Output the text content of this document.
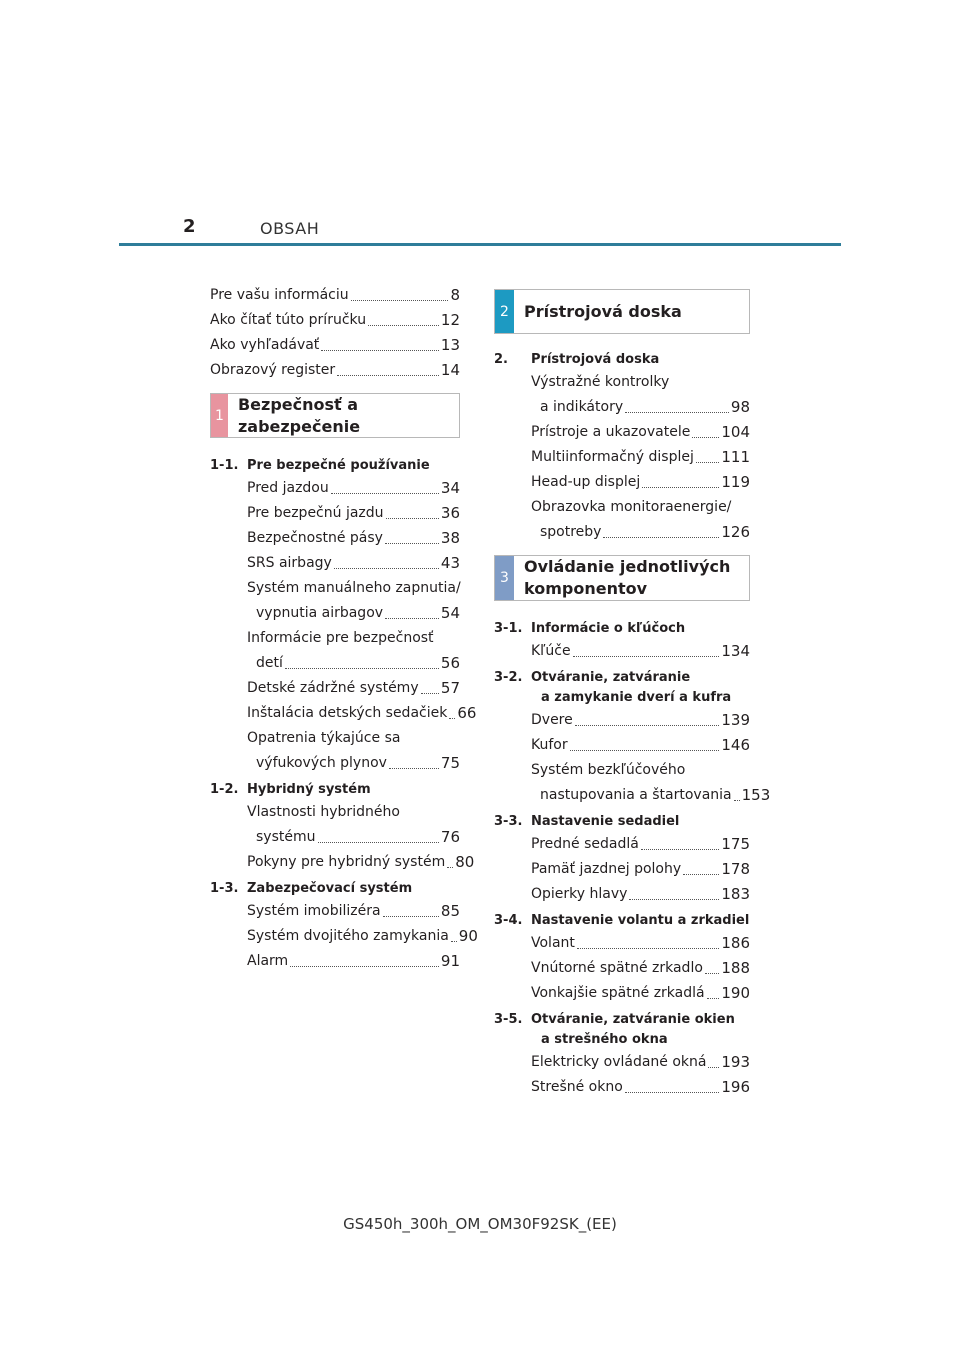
2	OBSAH
Pre vašu informáciu	8
Ako čítať túto príručku	12
Ako vyhľadávať	13
Obrazový register	14
1
Bezpečnosť a zabezpečenie
1-1. Pre bezpečné používanie
Pred jazdou	34
Pre bezpečnú jazdu	36
Bezpečnostné pásy	38
SRS airbagy	43
Systém manuálneho zapnutia/
vypnutia airbagov	54
Informácie pre bezpečnosť
detí	56
Detské zádržné systémy 57
Inštalácia detských sedačiek 66
Opatrenia týkajúce sa
výfukových plynov	75
1-2. Hybridný systém
Vlastnosti hybridného
systému	76
Pokyny pre hybridný systém 80
1-3. Zabezpečovací systém
Systém imobilizéra	85
Systém dvojitého zamykania 90
Alarm	91
2 Prístrojová doska
2.	Prístrojová doska
Výstražné kontrolky
a indikátory	98
Prístroje a ukazovatele 104
Multiinformačný displej 111
Head-up displej	119
Obrazovka monitoraenergie/
spotreby	126
3
Ovládanie jednotlivých
komponentov
3-1. Informácie o kľúčoch
Kľúče	134
3-2. Otváranie, zatváranie
a zamykanie dverí a kufra
Dvere	139
Kufor	146
Systém bezkľúčového
nastupovania a štartovania 153
3-3. Nastavenie sedadiel
Predné sedadlá	175
Pamäť jazdnej polohy	178
Opierky hlavy	183
3-4. Nastavenie volantu a zrkadiel
Volant	186
Vnútorné spätné zrkadlo 188
Vonkajšie spätné zrkadlá 190
3-5. Otváranie, zatváranie okien
a strešného okna
Elektricky ovládané okná 193
Strešné okno	196
GS450h_300h_OM_OM30F92SK_(EE)
